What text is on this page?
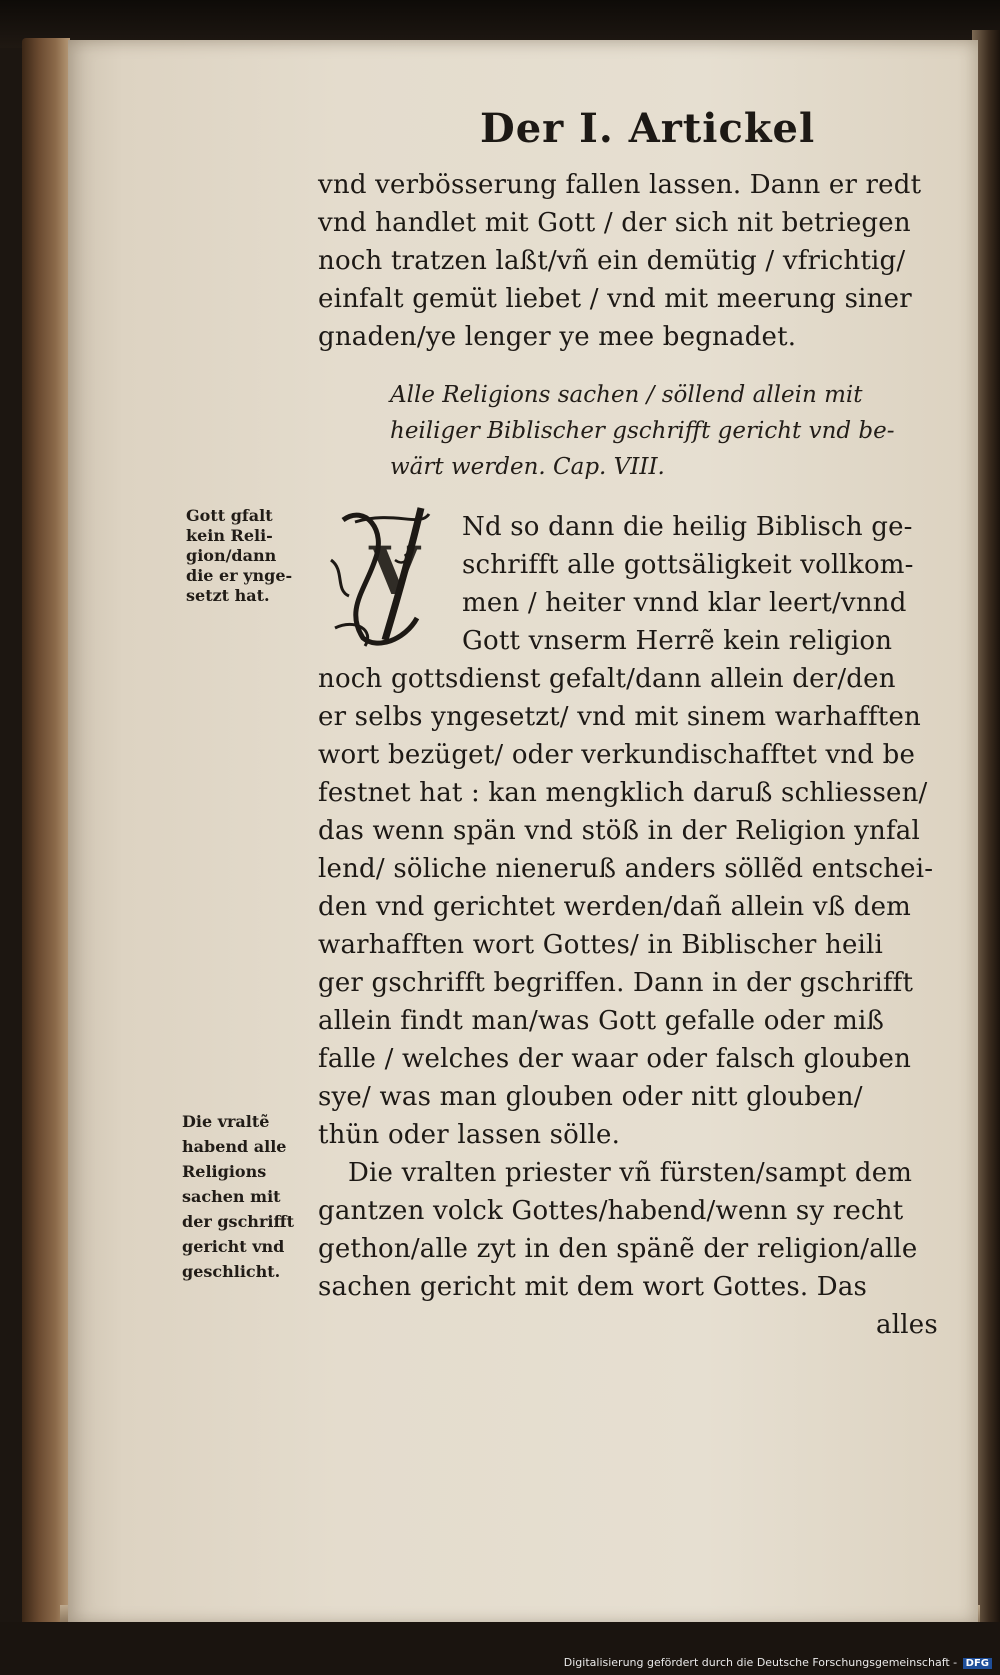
Der I. Artickel
vnd verbösserung fallen lassen. Dann er redt
vnd handlet mit Gott / der sich nit betriegen
noch tratzen laßt/vñ ein demütig / vfrichtig/
einfalt gemüt liebet / vnd mit meerung siner
gnaden/ye lenger ye mee begnadet.
Alle Religions sachen / söllend allein mit
heiliger Biblischer gschrifft gericht vnd be-
wärt werden. Cap. VIII.
V
Nd so dann die heilig Biblisch ge-
schrifft alle gottsäligkeit vollkom-
men / heiter vnnd klar leert/vnnd
Gott vnserm Herrẽ kein religion
noch gottsdienst gefalt/dann allein der/den
er selbs yngesetzt/ vnd mit sinem warhafften
wort bezüget/ oder verkundischafftet vnd be
festnet hat : kan mengklich daruß schliessen/
das wenn spän vnd stöß in der Religion ynfal
lend/ söliche nieneruß anders söllẽd entschei-
den vnd gerichtet werden/dañ allein vß dem
warhafften wort Gottes/ in Biblischer heili
ger gschrifft begriffen. Dann in der gschrifft
allein findt man/was Gott gefalle oder miß
falle / welches der waar oder falsch glouben
sye/ was man glouben oder nitt glouben/
thün oder lassen sölle.
Die vralten priester vñ fürsten/sampt dem
gantzen volck Gottes/habend/wenn sy recht
gethon/alle zyt in den spänẽ der religion/alle
sachen gericht mit dem wort Gottes. Das
alles
Gott gfalt
kein Reli-
gion/dann
die er ynge-
setzt hat.
Die vraltẽ
habend alle
Religions
sachen mit
der gschrifft
gericht vnd
geschlicht.
Digitalisierung gefördert durch die Deutsche Forschungsgemeinschaft - DFG
